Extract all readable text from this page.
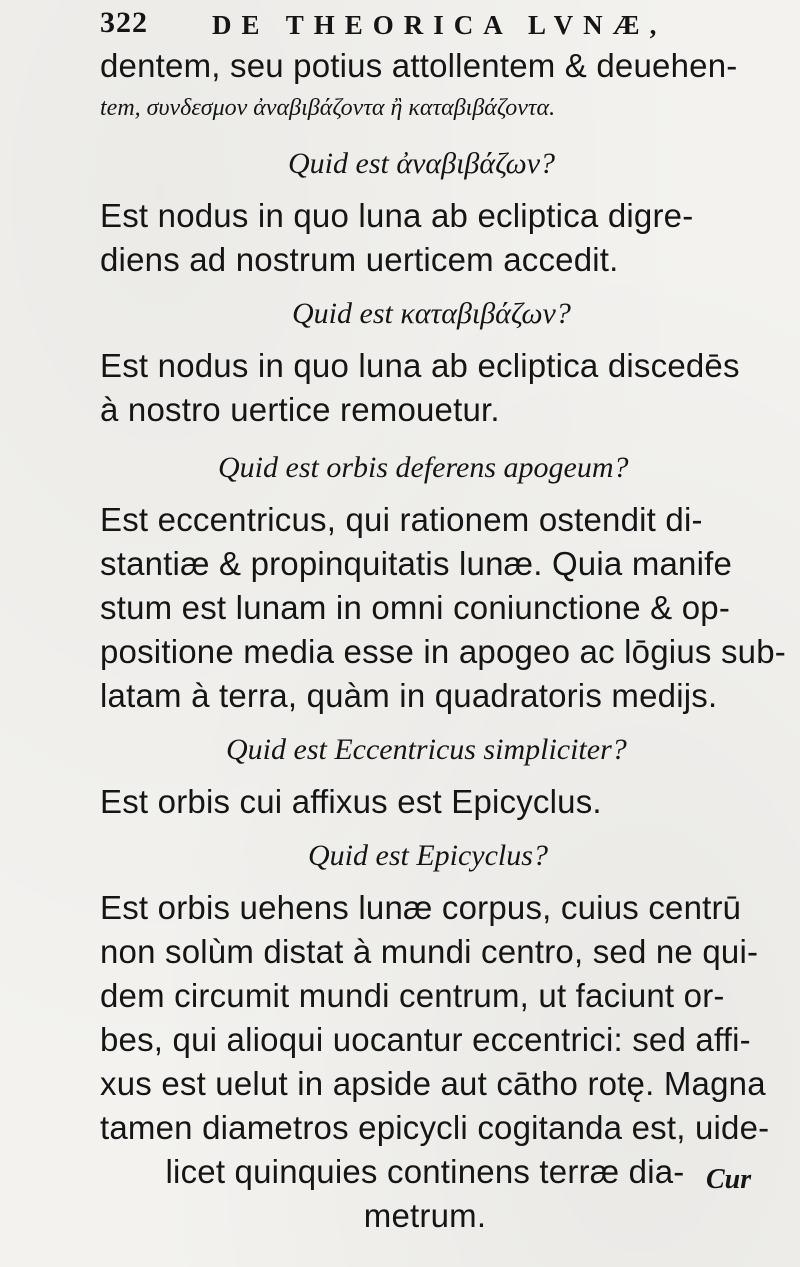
322 DE THEORICA LVNÆ,
dentem, seu potius attollentem & deuehen-
tem, συνδεσμον ἀναβιβάζοντα ἢ καταβιβάζοντα.
Quid est ἀναβιβάζων?
Est nodus in quo luna ab ecliptica digre-
diens ad nostrum uerticem accedit.
Quid est καταβιβάζων?
Est nodus in quo luna ab ecliptica discedēs
à nostro uertice remouetur.
Quid est orbis deferens apogeum?
Est eccentricus, qui rationem ostendit di-
stantiæ & propinquitatis lunæ. Quia manife
stum est lunam in omni coniunctione & op-
positione media esse in apogeo ac lōgius sub-
latam à terra, quàm in quadratoris medijs.
Quid est Eccentricus simpliciter?
Est orbis cui affixus est Epicyclus.
Quid est Epicyclus?
Est orbis uehens lunæ corpus, cuius centrū
non solùm distat à mundi centro, sed ne qui-
dem circumit mundi centrum, ut faciunt or-
bes, qui alioqui uocantur eccentrici: sed affi-
xus est uelut in apside aut cātho rotę. Magna
tamen diametros epicycli cogitanda est, uide-
licet quinquies continens terræ dia-
metrum.
Cur
